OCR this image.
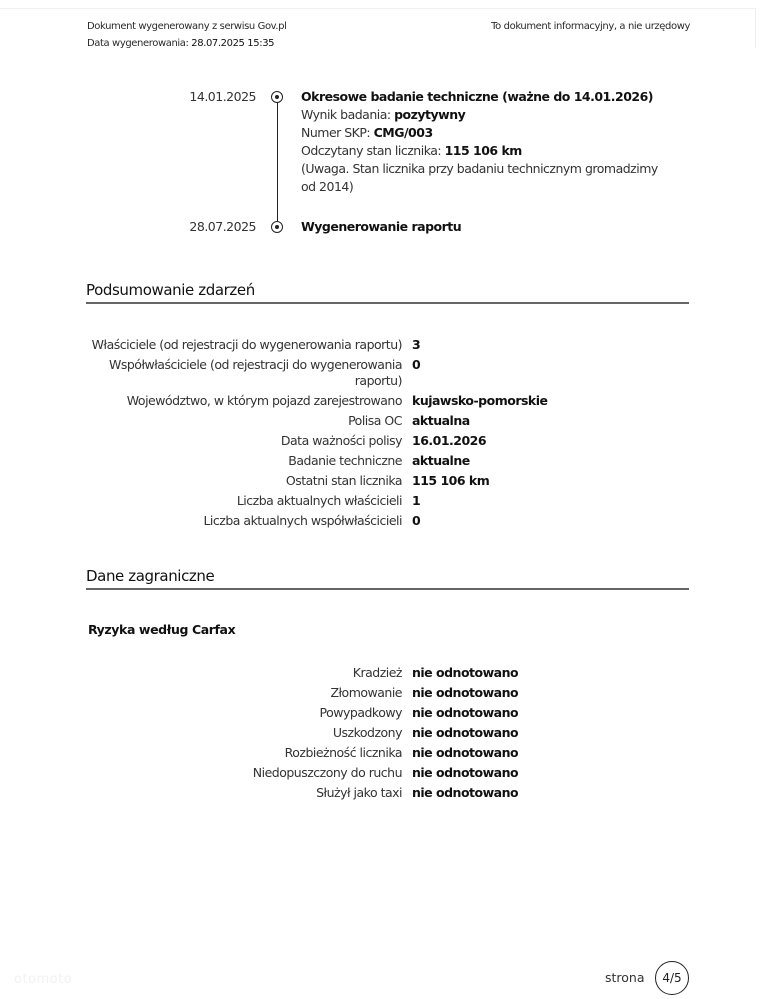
Dokument wygenerowany z serwisu Gov.pl
Data wygenerowania: 28.07.2025 15:35
To dokument informacyjny, a nie urzędowy
14.01.2025	Okresowe badanie techniczne (ważne do 14.01.2026)
Wynik badania: pozytywny
Numer SKP: CMG/003
Odczytany stan licznika: 115 106 km
(Uwaga. Stan licznika przy badaniu technicznym gromadzimy od 2014)
28.07.2025	Wygenerowanie raportu
Podsumowanie zdarzeń
Właściciele (od rejestracji do wygenerowania raportu) 3
Współwłaściciele (od rejestracji do wygenerowania raportu)
0
Województwo, w którym pojazd zarejestrowano kujawsko-pomorskie
Polisa OC aktualna
Data ważności polisy 16.01.2026
Badanie techniczne aktualne
Ostatni stan licznika 115 106 km
Liczba aktualnych właścicieli 1
Liczba aktualnych współwłaścicieli 0
Dane zagraniczne
Ryzyka według Carfax
Kradzież nie odnotowano
Złomowanie nie odnotowano
Powypadkowy nie odnotowano
Uszkodzony nie odnotowano
Rozbieżność licznika nie odnotowano
Niedopuszczony do ruchu nie odnotowano
Służył jako taxi nie odnotowano
otomoto	strona 4/5
